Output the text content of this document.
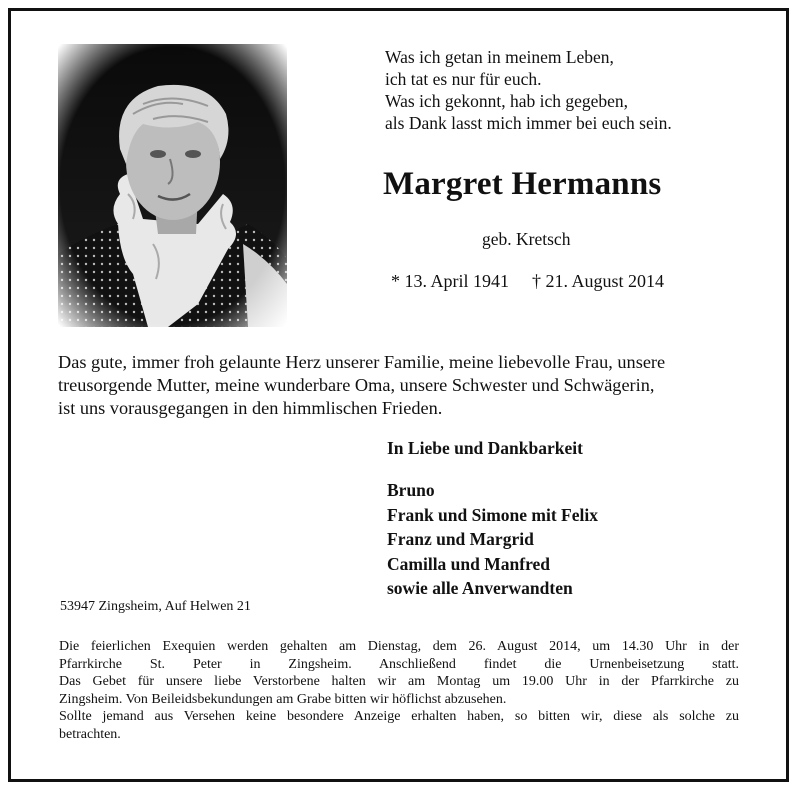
Was ich getan in meinem Leben,
ich tat es nur für euch.
Was ich gekonnt, hab ich gegeben,
als Dank lasst mich immer bei euch sein.
Margret Hermanns
geb. Kretsch
* 13. April 1941 † 21. August 2014
Das gute, immer froh gelaunte Herz unserer Familie, meine liebevolle Frau, unsere
treusorgende Mutter, meine wunderbare Oma, unsere Schwester und Schwägerin,
ist uns vorausgegangen in den himmlischen Frieden.
In Liebe und Dankbarkeit
Bruno
Frank und Simone mit Felix
Franz und Margrid
Camilla und Manfred
sowie alle Anverwandten
53947 Zingsheim, Auf Helwen 21
Die feierlichen Exequien werden gehalten am Dienstag, dem 26. August 2014, um 14.30 Uhr in der
Pfarrkirche St. Peter in Zingsheim. Anschließend findet die Urnenbeisetzung statt.
Das Gebet für unsere liebe Verstorbene halten wir am Montag um 19.00 Uhr in der Pfarrkirche zu
Zingsheim. Von Beileidsbekundungen am Grabe bitten wir höflichst abzusehen.
Sollte jemand aus Versehen keine besondere Anzeige erhalten haben, so bitten wir, diese als solche zu
betrachten.
